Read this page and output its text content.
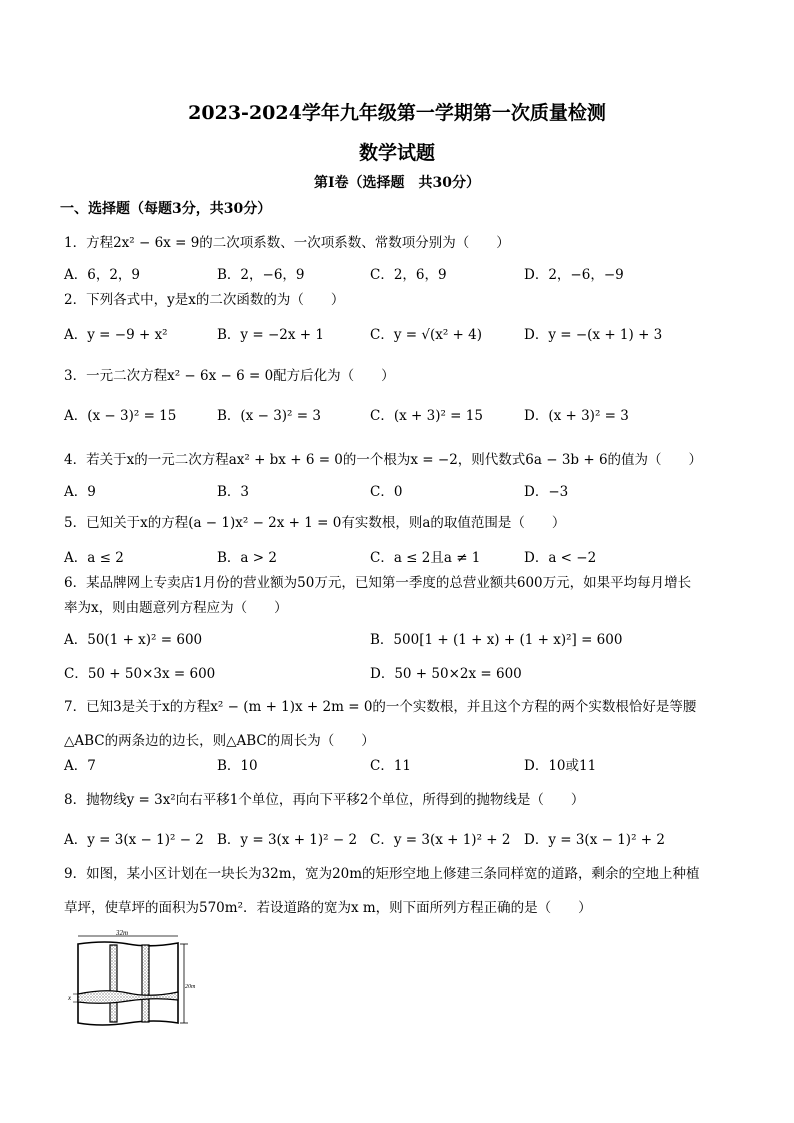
2023-2024学年九年级第一学期第一次质量检测
数学试题
第Ⅰ卷（选择题　共30分）
一、选择题（每题3分，共30分）
1．方程2x² − 6x = 9的二次项系数、一次项系数、常数项分别为（　　）
A．6，2，9	B．2，−6，9	C．2，6，9	D．2，−6，−9
2．下列各式中，y是x的二次函数的为（　　）
A．y = −9 + x²	B．y = −2x + 1	C．y = √(x² + 4)	D．y = −(x + 1) + 3
3．一元二次方程x² − 6x − 6 = 0配方后化为（　　）
A．(x − 3)² = 15	B．(x − 3)² = 3	C．(x + 3)² = 15	D．(x + 3)² = 3
4．若关于x的一元二次方程ax² + bx + 6 = 0的一个根为x = −2，则代数式6a − 3b + 6的值为（　　）
A．9	B．3	C．0	D．−3
5．已知关于x的方程(a − 1)x² − 2x + 1 = 0有实数根，则a的取值范围是（　　）
A．a ≤ 2	B．a > 2	C．a ≤ 2且a ≠ 1	D．a < −2
6．某品牌网上专卖店1月份的营业额为50万元，已知第一季度的总营业额共600万元，如果平均每月增长
率为x，则由题意列方程应为（　　）
A．50(1 + x)² = 600	B．500[1 + (1 + x) + (1 + x)²] = 600
C．50 + 50×3x = 600	D．50 + 50×2x = 600
7．已知3是关于x的方程x² − (m + 1)x + 2m = 0的一个实数根，并且这个方程的两个实数根恰好是等腰
△ABC的两条边的边长，则△ABC的周长为（　　）
A．7	B．10	C．11	D．10或11
8．抛物线y = 3x²向右平移1个单位，再向下平移2个单位，所得到的抛物线是（　　）
A．y = 3(x − 1)² − 2 B．y = 3(x + 1)² − 2 C．y = 3(x + 1)² + 2 D．y = 3(x − 1)² + 2
9．如图，某小区计划在一块长为32m，宽为20m的矩形空地上修建三条同样宽的道路，剩余的空地上种植
草坪，使草坪的面积为570m²．若设道路的宽为x m，则下面所列方程正确的是（　　）
32m
20m
x
